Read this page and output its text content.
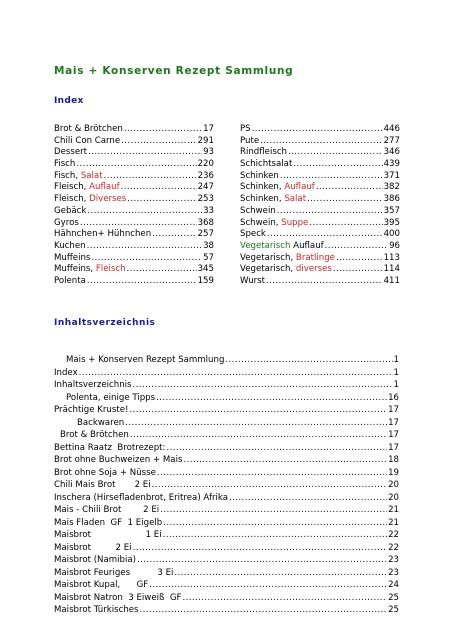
Mais + Konserven Rezept Sammlung
Index
Brot & Brötchen .....	17
Chili Con Carne .....	291
Dessert .....	93
Fisch .....	220
Fisch, Salat .....	236
Fleisch, Auflauf .....	247
Fleisch, Diverses .....	253
Gebäck .....	33
Gyros .....	368
Hähnchen+ Hühnchen .....	257
Kuchen .....	38
Muffeins .....	57
Muffeins, Fleisch .....	345
Polenta .....	159
PS .....	446
Pute .....	277
Rindfleisch .....	346
Schichtsalat .....	439
Schinken .....	371
Schinken, Auflauf .....	382
Schinken, Salat .....	386
Schwein .....	357
Schwein, Suppe .....	395
Speck .....	400
Vegetarisch Auflauf .....	96
Vegetarisch, Bratlinge .....	113
Vegetarisch, diverses .....	114
Wurst .....	411
Inhaltsverzeichnis
Mais + Konserven Rezept Sammlung .....	1
Index .....	1
Inhaltsverzeichnis .....	1
Polenta, einige Tipps .....	16
Prächtige Kruste! .....	17
Backwaren .....	17
Brot & Brötchen .....	17
Bettina Raatz  Brotrezept: .....	17
Brot ohne Buchweizen + Mais .....	18
Brot ohne Soja + Nüsse .....	19
Chili Mais Brot       2 Ei .....	20
Inschera (Hirsefladenbrot, Eritrea) Afrika .....	20
Mais - Chili Brot        2 Ei .....	21
Mais Fladen  GF  1 Eigelb .....	21
Maisbrot                    1 Ei .....	22
Maisbrot         2 Ei .....	22
Maisbrot (Namibia) .....	23
Maisbrot Feuriges          3 Ei .....	23
Maisbrot Kupal,      GF .....	24
Maisbrot Natron  3 Eiweiß  GF .....	25
Maisbrot Türkisches .....	25
